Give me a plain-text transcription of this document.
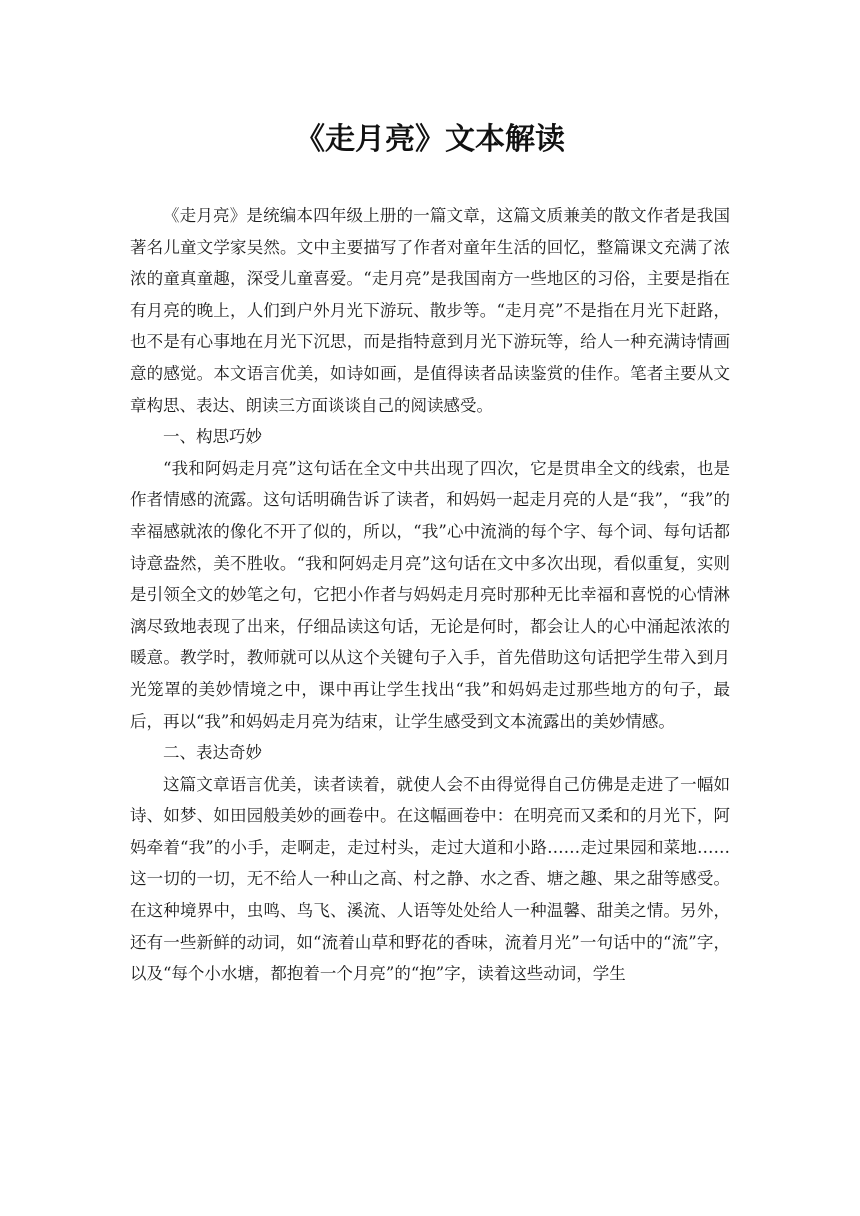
《走月亮》文本解读

《走月亮》是统编本四年级上册的一篇文章，这篇文质兼美的散文作者是我国著名儿童文学家吴然。文中主要描写了作者对童年生活的回忆，整篇课文充满了浓浓的童真童趣，深受儿童喜爱。“走月亮”是我国南方一些地区的习俗，主要是指在有月亮的晚上，人们到户外月光下游玩、散步等。“走月亮”不是指在月光下赶路，也不是有心事地在月光下沉思，而是指特意到月光下游玩等，给人一种充满诗情画意的感觉。本文语言优美，如诗如画，是值得读者品读鉴赏的佳作。笔者主要从文章构思、表达、朗读三方面谈谈自己的阅读感受。

一、构思巧妙

“我和阿妈走月亮”这句话在全文中共出现了四次，它是贯串全文的线索，也是作者情感的流露。这句话明确告诉了读者，和妈妈一起走月亮的人是“我”，“我”的幸福感就浓的像化不开了似的，所以，“我”心中流淌的每个字、每个词、每句话都诗意盎然，美不胜收。“我和阿妈走月亮”这句话在文中多次出现，看似重复，实则是引领全文的妙笔之句，它把小作者与妈妈走月亮时那种无比幸福和喜悦的心情淋漓尽致地表现了出来，仔细品读这句话，无论是何时，都会让人的心中涌起浓浓的暖意。教学时，教师就可以从这个关键句子入手，首先借助这句话把学生带入到月光笼罩的美妙情境之中，课中再让学生找出“我”和妈妈走过那些地方的句子，最后，再以“我”和妈妈走月亮为结束，让学生感受到文本流露出的美妙情感。

二、表达奇妙

这篇文章语言优美，读者读着，就使人会不由得觉得自己仿佛是走进了一幅如诗、如梦、如田园般美妙的画卷中。在这幅画卷中：在明亮而又柔和的月光下，阿妈牵着“我”的小手，走啊走，走过村头，走过大道和小路……走过果园和菜地……这一切的一切，无不给人一种山之高、村之静、水之香、塘之趣、果之甜等感受。在这种境界中，虫鸣、鸟飞、溪流、人语等处处给人一种温馨、甜美之情。另外，还有一些新鲜的动词，如“流着山草和野花的香味，流着月光”一句话中的“流”字，以及“每个小水塘，都抱着一个月亮”的“抱”字，读着这些动词，学生
